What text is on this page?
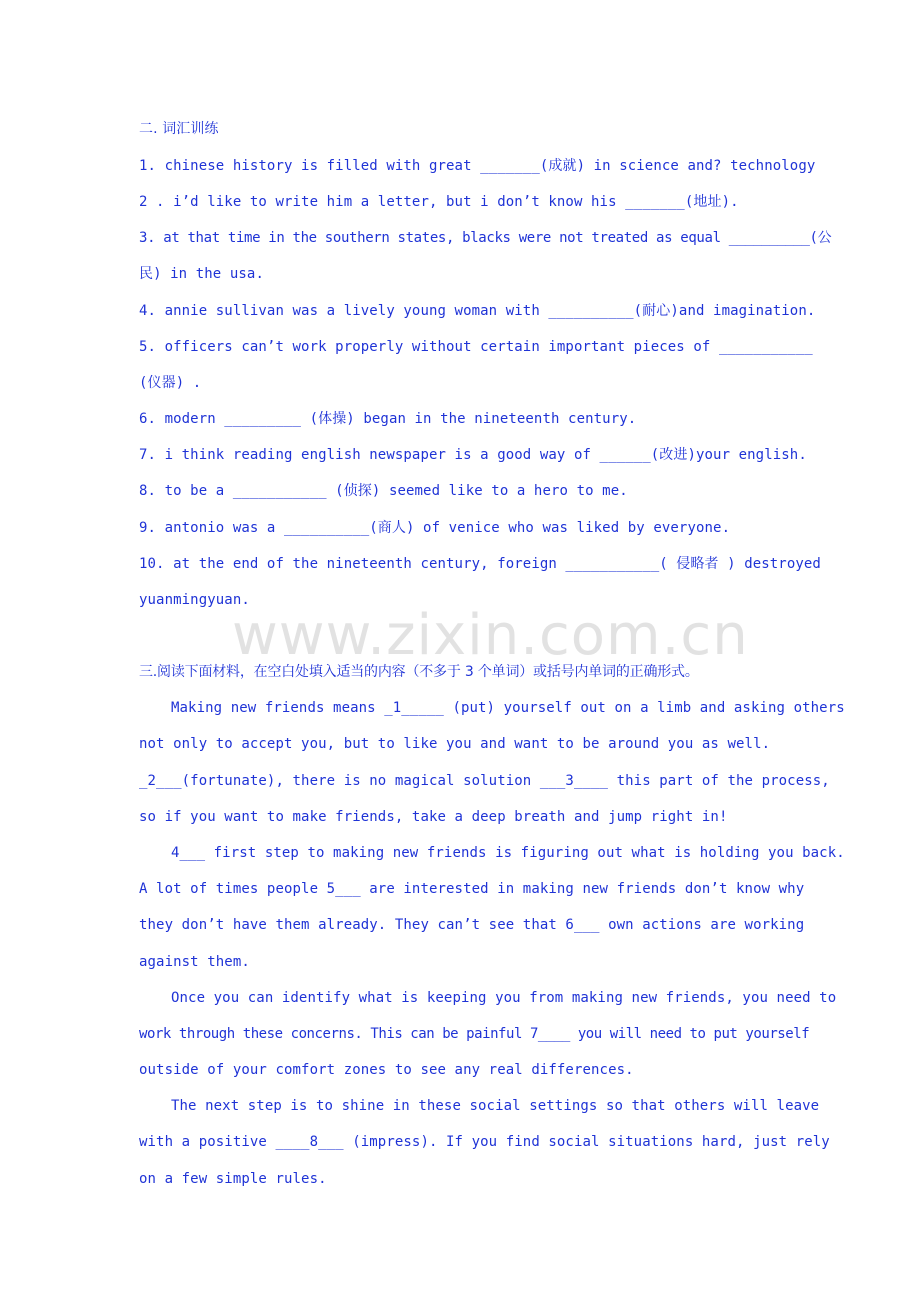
二. 词汇训练
1. chinese history is filled with great _______(成就) in science and? technology
2 . i’d like to write him a letter, but i don’t know his _______(地址).
3. at that time in the southern states, blacks were not treated as equal __________(公
民) in the usa.
4. annie sullivan was a lively young woman with __________(耐心)and imagination.
5. officers can’t work properly without certain important pieces of ___________
(仪器) .
6. modern _________ (体操) began in the nineteenth century.
7. i think reading english newspaper is a good way of ______(改进)your english.
8. to be a ___________ (侦探) seemed like to a hero to me.
9. antonio was a __________(商人) of venice who was liked by everyone.
10. at the end of the nineteenth century, foreign ___________( 侵略者 ) destroyed
yuanmingyuan.
www.zixin.com.cn
三.阅读下面材料，在空白处填入适当的内容（不多于 3 个单词）或括号内单词的正确形式。
Making new friends means _1_____ (put) yourself out on a limb and asking others
not only to accept you, but to like you and want to be around you as well.
_2___(fortunate), there is no magical solution ___3____ this part of the process,
so if you want to make friends, take a deep breath and jump right in!
4___ first step to making new friends is figuring out what is holding you back.
A lot of times people 5___ are interested in making new friends don’t know why
they don’t have them already. They can’t see that 6___ own actions are working
against them.
Once you can identify what is keeping you from making new friends, you need to
work through these concerns. This can be painful 7____ you will need to put yourself
outside of your comfort zones to see any real differences.
The next step is to shine in these social settings so that others will leave
with a positive ____8___ (impress). If you find social situations hard, just rely
on a few simple rules.
